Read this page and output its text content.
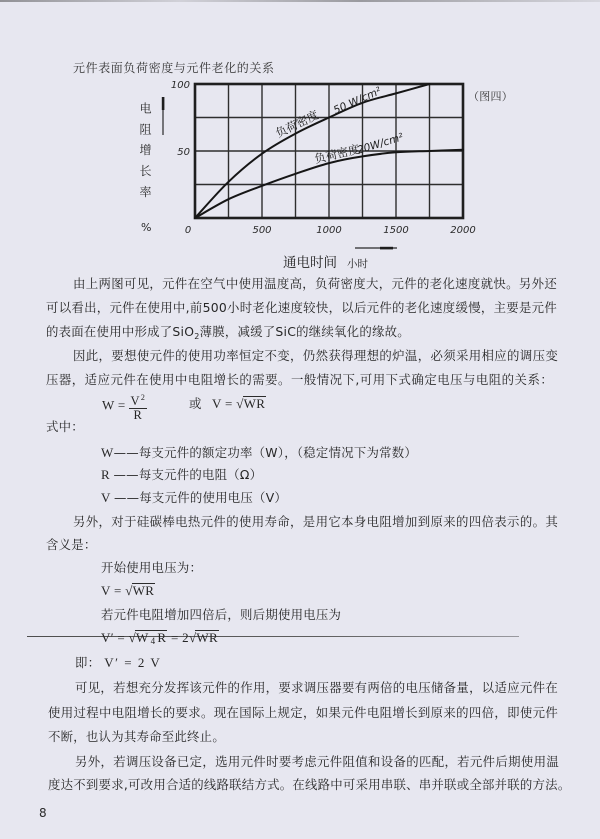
元件表面负荷密度与元件老化的关系
（图四）
0	500	1000	1500	2000
50
100
负荷密度
50 W/cm²
负荷密度
20W/cm²
电阻增长率
%
通电时间 小时
由上两图可见，元件在空气中使用温度高，负荷密度大，元件的老化速度就快。另外还
可以看出，元件在使用中,前500小时老化速度较快，以后元件的老化速度缓慢，主要是元件
的表面在使用中形成了SiO$_2$薄膜，减缓了SiC的继续氧化的缘故。
因此，要想使元件的使用功率恒定不变，仍然获得理想的炉温，必须采用相应的调压变
压器，适应元件在使用中电阻增长的需要。一般情况下,可用下式确定电压与电阻的关系：
$W = \frac{V^2}{R}$	或 V = √WR
式中：
W——每支元件的额定功率（W），（稳定情况下为常数）
R ——每支元件的电阻（Ω）
V ——每支元件的使用电压（V）
另外，对于硅碳棒电热元件的使用寿命，是用它本身电阻增加到原来的四倍表示的。其
含义是：
开始使用电压为：
V = √WR
若元件电阻增加四倍后，则后期使用电压为
V′ = √W 4 R = 2√WR
即： V′ = 2 V
可见，若想充分发挥该元件的作用，要求调压器要有两倍的电压储备量，以适应元件在
使用过程中电阻增长的要求。现在国际上规定，如果元件电阻增长到原来的四倍，即使元件
不断，也认为其寿命至此终止。
另外，若调压设备已定，选用元件时要考虑元件阻值和设备的匹配，若元件后期使用温
度达不到要求,可改用合适的线路联结方式。在线路中可采用串联、串并联或全部并联的方法。
8
